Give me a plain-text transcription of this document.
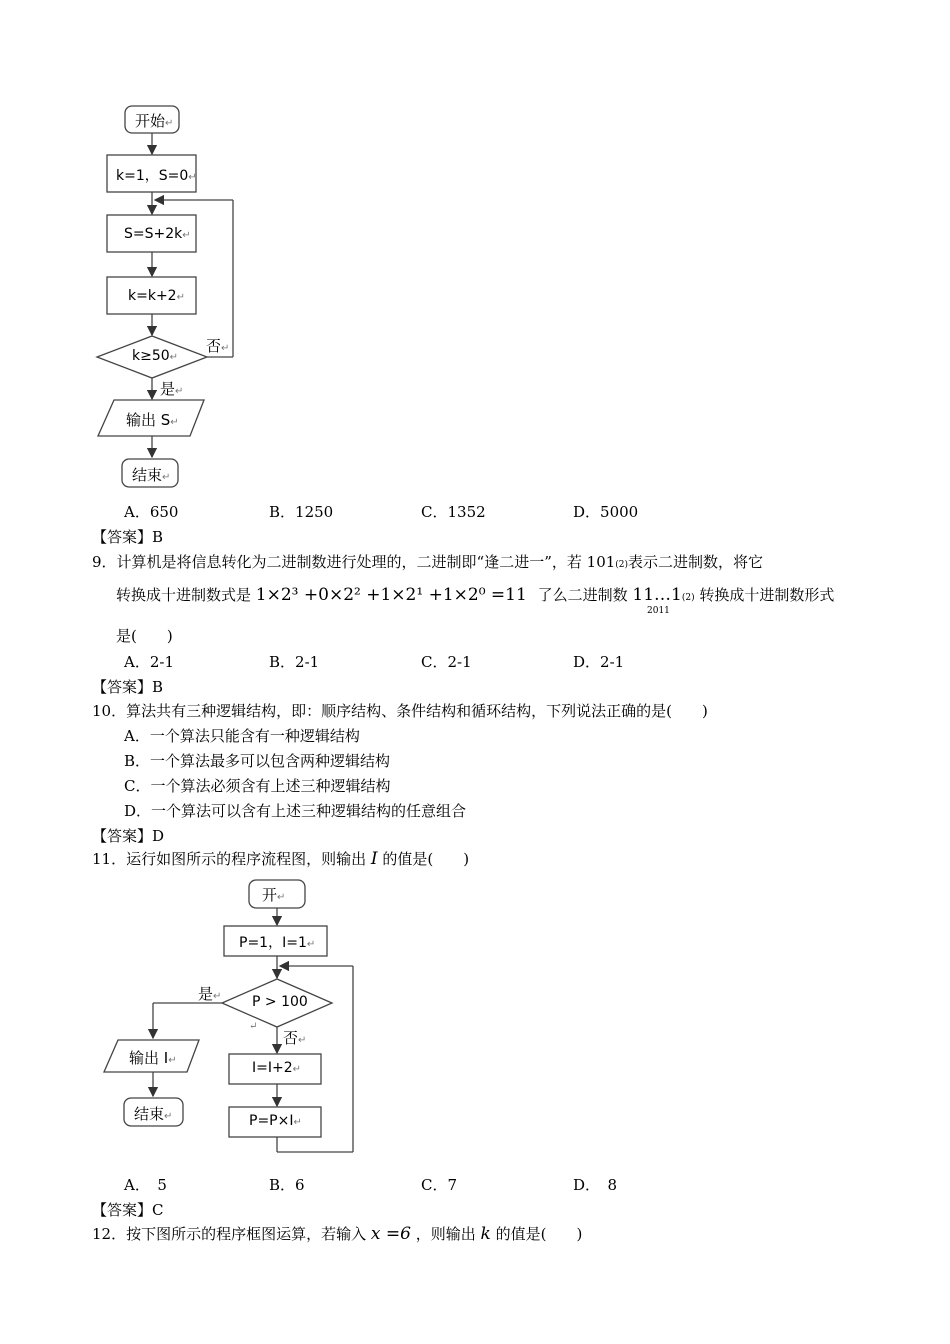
开始↵
k=1，S=0↵
S=S+2k↵
k=k+2↵
k≥50↵
否↵
是↵
输出 S↵
结束↵
A．650	B．1250	C．1352	D．5000
【答案】B
9．计算机是将信息转化为二进制数进行处理的，二进制即“逢二进一”，若 101(2)表示二进制数，将它
转换成十进制数式是 1×2³ +0×2² +1×2¹ +1×2⁰ =11 了么二进制数 11…1(2) 转换成十进制数形式
2011
是(　　)
A．2-1	B．2-1	C．2-1	D．2-1
【答案】B
10．算法共有三种逻辑结构，即：顺序结构、条件结构和循环结构，下列说法正确的是(　　)
A．一个算法只能含有一种逻辑结构
B．一个算法最多可以包含两种逻辑结构
C．一个算法必须含有上述三种逻辑结构
D．一个算法可以含有上述三种逻辑结构的任意组合
【答案】D
11．运行如图所示的程序流程图，则输出 I 的值是(　　)
开↵
P=1，I=1↵
P > 100
↵
是↵
否↵
输出 I↵
结束↵
I=I+2↵
P=P×I↵
A．　5	B．6	C．7	D．　8
【答案】C
12．按下图所示的程序框图运算，若输入 x =6 ，则输出 k 的值是(　　)
